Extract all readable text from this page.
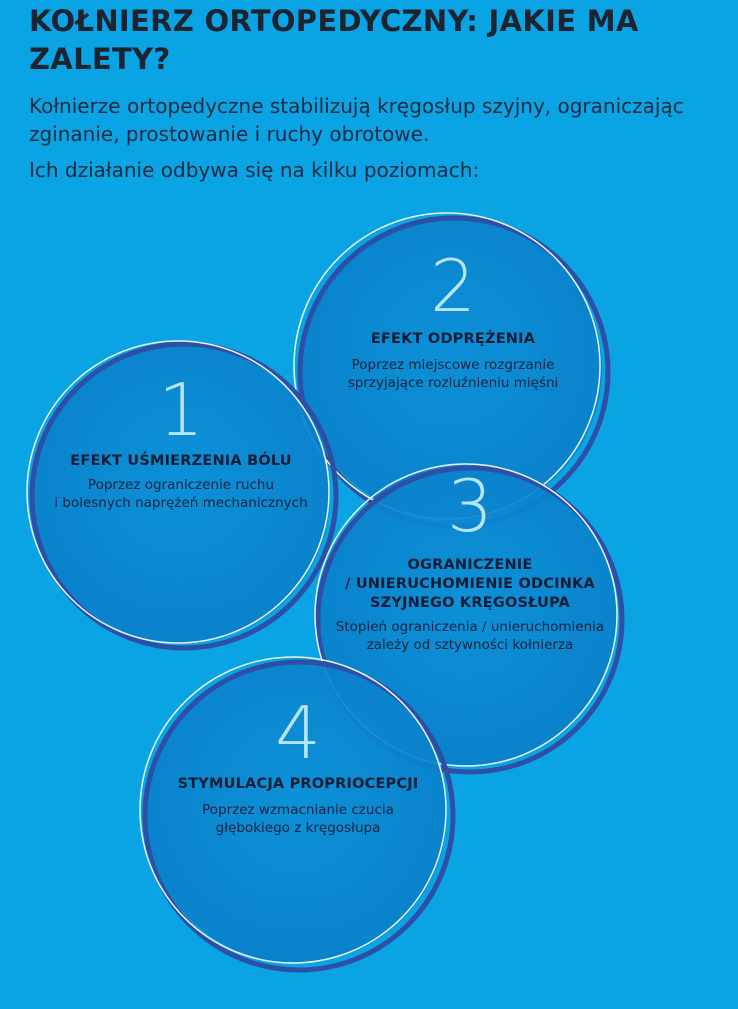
KOŁNIERZ ORTOPEDYCZNY: JAKIE MA ZALETY?

Kołnierze ortopedyczne stabilizują kręgosłup szyjny, ograniczając zginanie, prostowanie i ruchy obrotowe.

Ich działanie odbywa się na kilku poziomach:

1
EFEKT UŚMIERZENIA BÓLU
Poprzez ograniczenie ruchu
i bolesnych naprężeń mechanicznych
2
EFEKT ODPRĘŻENIA
Poprzez miejscowe rozgrzanie
sprzyjające rozluźnieniu mięśni
3
OGRANICZENIE
/ UNIERUCHOMIENIE ODCINKA
SZYJNEGO KRĘGOSŁUPA
Stopień ograniczenia / unieruchomienia
zależy od sztywności kołnierza
4
STYMULACJA PROPRIOCEPCJI
Poprzez wzmacnianie czucia
głębokiego z kręgosłupa
